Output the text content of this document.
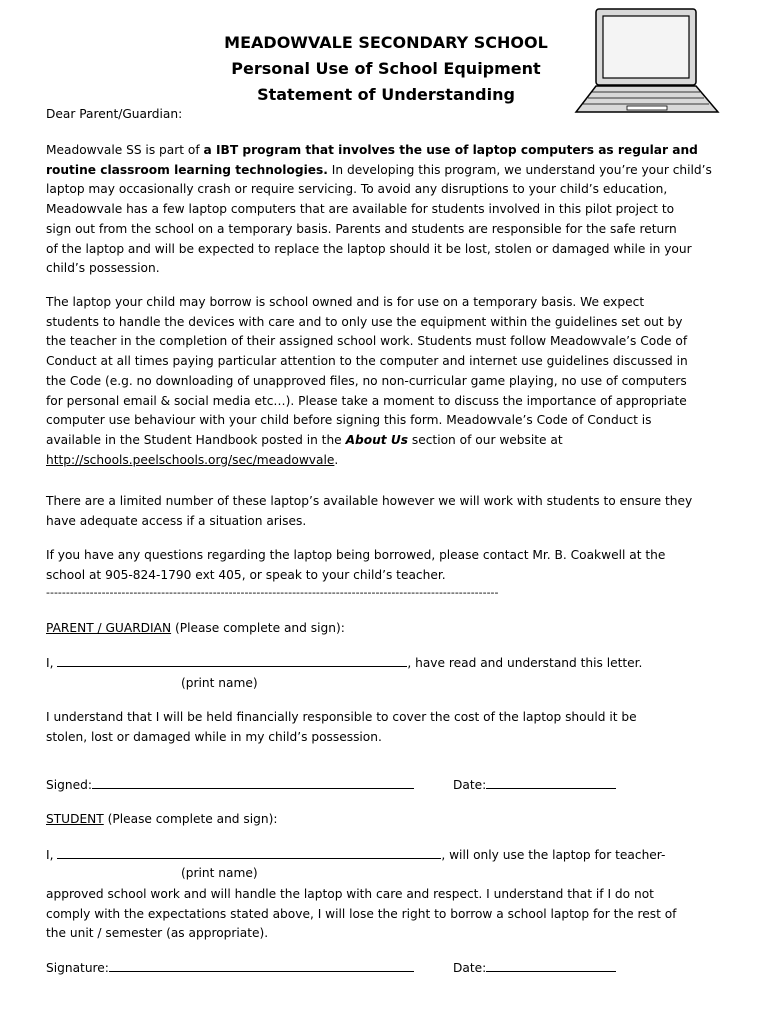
MEADOWVALE SECONDARY SCHOOL
Personal Use of School Equipment
Statement of Understanding
Dear Parent/Guardian:
Meadowvale SS is part of a IBT program that involves the use of laptop computers as regular and
routine classroom learning technologies. In developing this program, we understand you’re your child’s
laptop may occasionally crash or require servicing. To avoid any disruptions to your child’s education,
Meadowvale has a few laptop computers that are available for students involved in this pilot project to
sign out from the school on a temporary basis. Parents and students are responsible for the safe return
of the laptop and will be expected to replace the laptop should it be lost, stolen or damaged while in your
child’s possession.
The laptop your child may borrow is school owned and is for use on a temporary basis. We expect
students to handle the devices with care and to only use the equipment within the guidelines set out by
the teacher in the completion of their assigned school work. Students must follow Meadowvale’s Code of
Conduct at all times paying particular attention to the computer and internet use guidelines discussed in
the Code (e.g. no downloading of unapproved files, no non-curricular game playing, no use of computers
for personal email & social media etc…). Please take a moment to discuss the importance of appropriate
computer use behaviour with your child before signing this form. Meadowvale’s Code of Conduct is
available in the Student Handbook posted in the About Us section of our website at
http://schools.peelschools.org/sec/meadowvale.
There are a limited number of these laptop’s available however we will work with students to ensure they
have adequate access if a situation arises.
If you have any questions regarding the laptop being borrowed, please contact Mr. B. Coakwell at the
school at 905-824-1790 ext 405, or speak to your child’s teacher.
------------------------------------------------------------------------------------------------------------------
PARENT / GUARDIAN (Please complete and sign):
I,	, have read and understand this letter.
(print name)
I understand that I will be held financially responsible to cover the cost of the laptop should it be
stolen, lost or damaged while in my child’s possession.
Signed:	Date:
STUDENT (Please complete and sign):
I,	, will only use the laptop for teacher-
(print name)
approved school work and will handle the laptop with care and respect. I understand that if I do not
comply with the expectations stated above, I will lose the right to borrow a school laptop for the rest of
the unit / semester (as appropriate).
Signature:	Date:
